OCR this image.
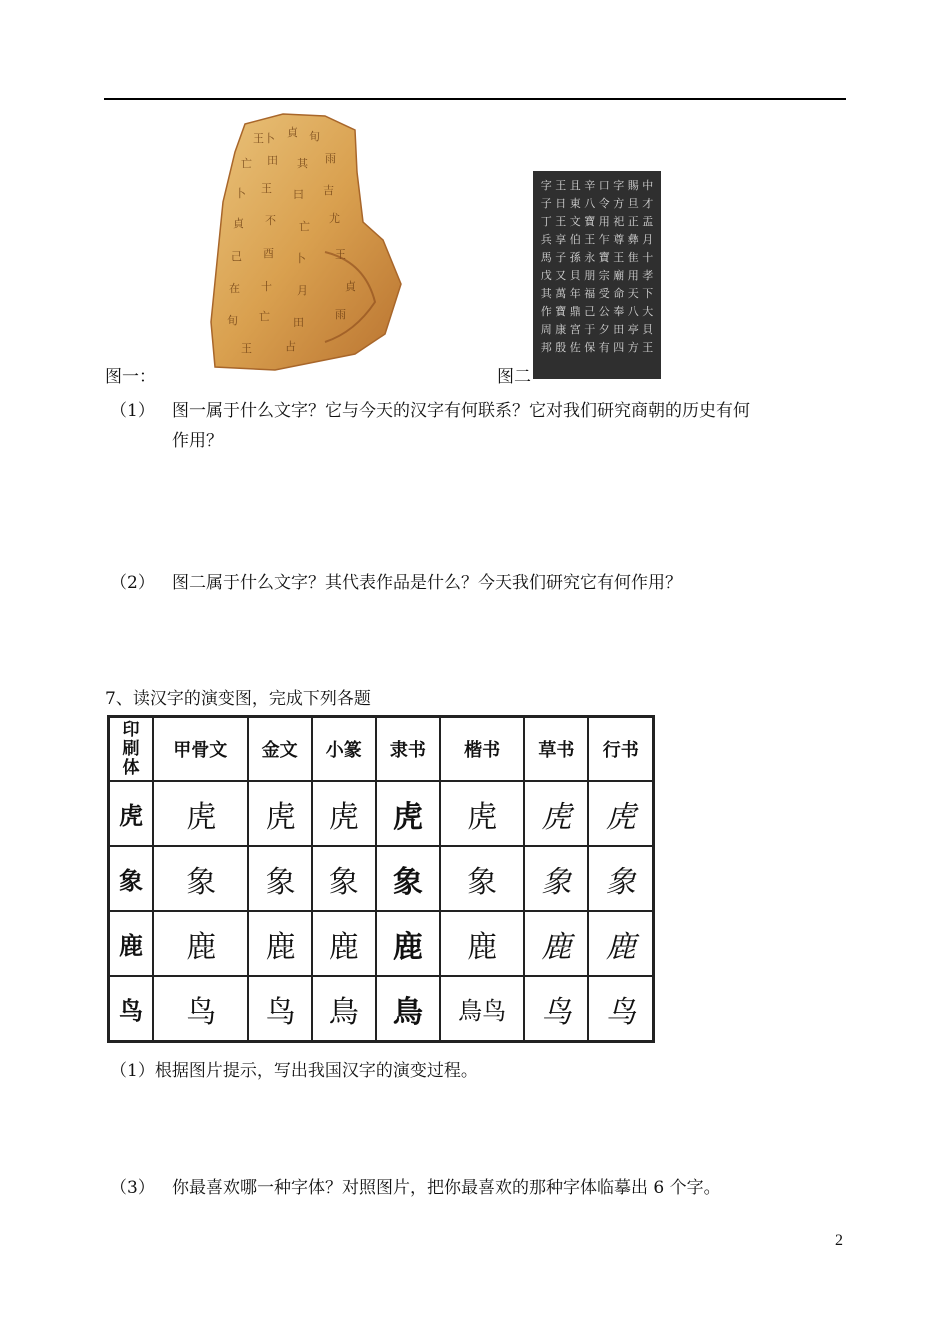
王卜 貞 旬
亡 田 其 雨
卜 王 曰 吉
貞 不 亡
尤
己 酉 卜	王
在 十 月	貞
旬 亡 田
雨
王	占
图一：
字 王 且 辛 口 字 賜 中
子 日 東 八 令 方 旦 才
丁 王 文 寶 用 祀 正 盂
兵 享 伯 王 乍 尊 彝 月
馬 子 孫 永 寶 王 隹 十
戊 又 貝 朋 宗 廟 用 孝
其 萬 年 福 受 命 天 下
作 寶 鼎 己 公 奉 八 大
周 康 宮 于 夕 田 亭 貝
邦 殷 佐 保 有 四 方 王
图二
（1） 图一属于什么文字？它与今天的汉字有何联系？它对我们研究商朝的历史有何
作用？
（2） 图二属于什么文字？其代表作品是什么？今天我们研究它有何作用？
7、读汉字的演变图，完成下列各题
印刷体	甲骨文	金文	小篆	隶书	楷书	草书	行书
虎	虎	虎	虎	虎	虎	虎	虎
象	象	象	象	象	象	象	象
鹿	鹿	鹿	鹿	鹿	鹿	鹿	鹿
鸟	鸟	鸟	鳥	鳥	鳥鸟	鸟	鸟
（1）根据图片提示，写出我国汉字的演变过程。
（3） 你最喜欢哪一种字体？对照图片，把你最喜欢的那种字体临摹出 6 个字。
2
